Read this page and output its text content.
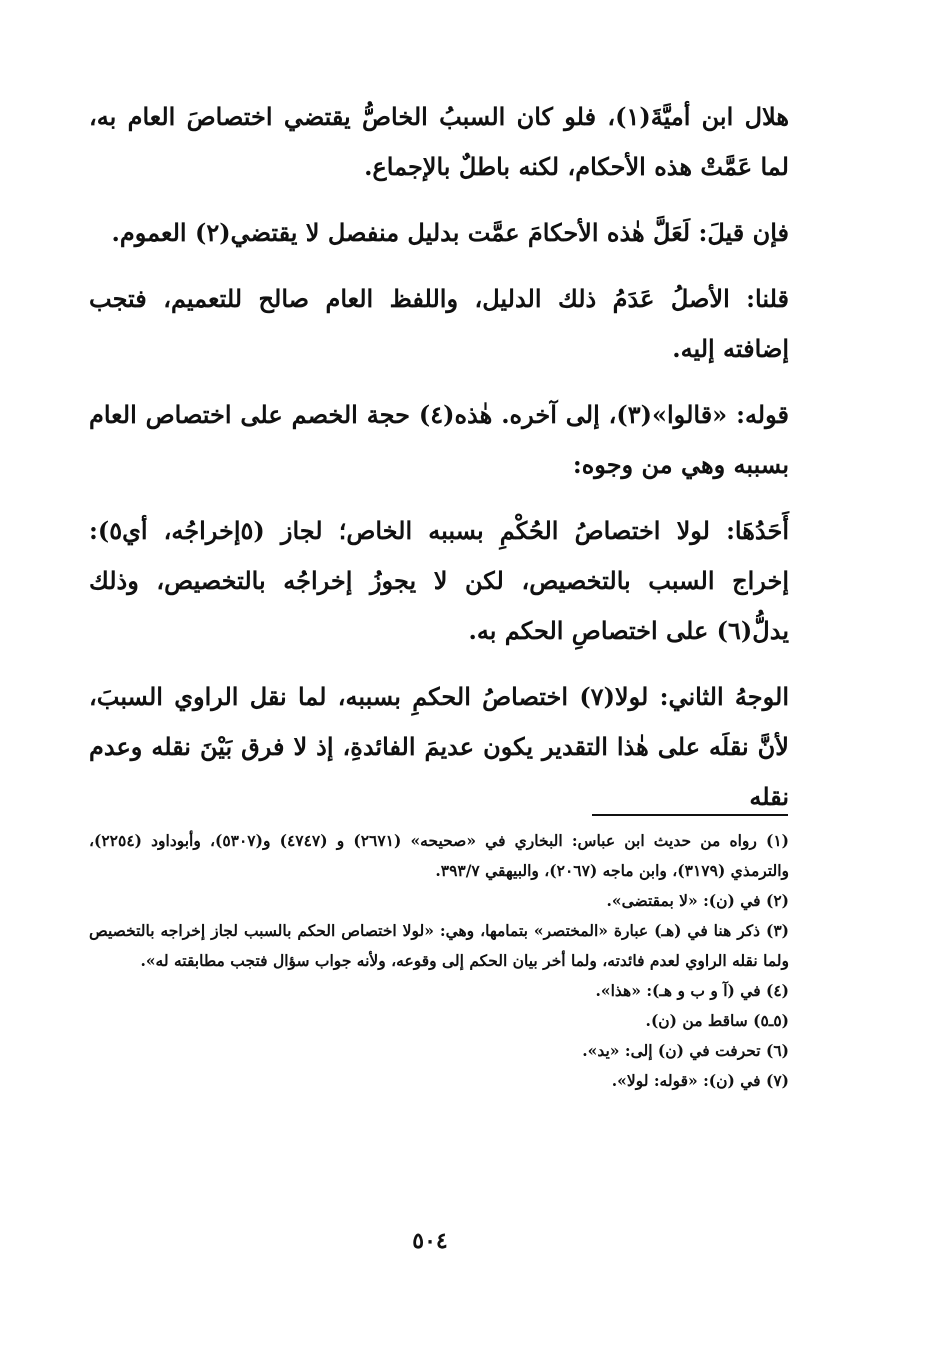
هلال ابن أميَّةَ(١)، فلو كان السببُ الخاصُّ يقتضي اختصاصَ العام به، لما عَمَّتْ هذه الأحكام، لكنه باطلٌ بالإجماع.

فإن قيلَ: لَعَلَّ هٰذه الأحكامَ عمَّت بدليل منفصل لا يقتضي(٢) العموم.

قلنا: الأصلُ عَدَمُ ذلك الدليل، واللفظ العام صالح للتعميم، فتجب إضافته إليه.

قوله: «قالوا»(٣)، إلى آخره. هٰذه(٤) حجة الخصم على اختصاص العام بسببه وهي من وجوه:

أَحَدُهَا: لولا اختصاصُ الحُكْمِ بسببه الخاص؛ لجاز (٥إخراجُه، أي٥): إخراج السبب بالتخصيص، لكن لا يجوزُ إخراجُه بالتخصيص، وذلك يدلُّ(٦) على اختصاصِ الحكم به.

الوجهُ الثاني: لولا(٧) اختصاصُ الحكمِ بسببه، لما نقل الراوي السببَ، لأنَّ نقلَه على هٰذا التقدير يكون عديمَ الفائدةِ، إذ لا فرق بَيْنَ نقله وعدم نقله

(١) رواه من حديث ابن عباس: البخاري في «صحيحه» (٢٦٧١) و (٤٧٤٧) و(٥٣٠٧)، وأبوداود (٢٢٥٤)، والترمذي (٣١٧٩)، وابن ماجه (٢٠٦٧)، والبيهقي ٣٩٣/٧.

(٢) في (ن): «لا بمقتضى».

(٣) ذكر هنا في (هـ) عبارة «المختصر» بتمامها، وهي: «لولا اختصاص الحكم بالسبب لجاز إخراجه بالتخصيص ولما نقله الراوي لعدم فائدته، ولما أخر بيان الحكم إلى وقوعه، ولأنه جواب سؤال فتجب مطابقته له».

(٤) في (آ و ب و هـ): «هذا».

(٥ـ٥) ساقط من (ن).

(٦) تحرفت في (ن) إلى: «يد».

(٧) في (ن): «قوله: لولا».

٥٠٤
